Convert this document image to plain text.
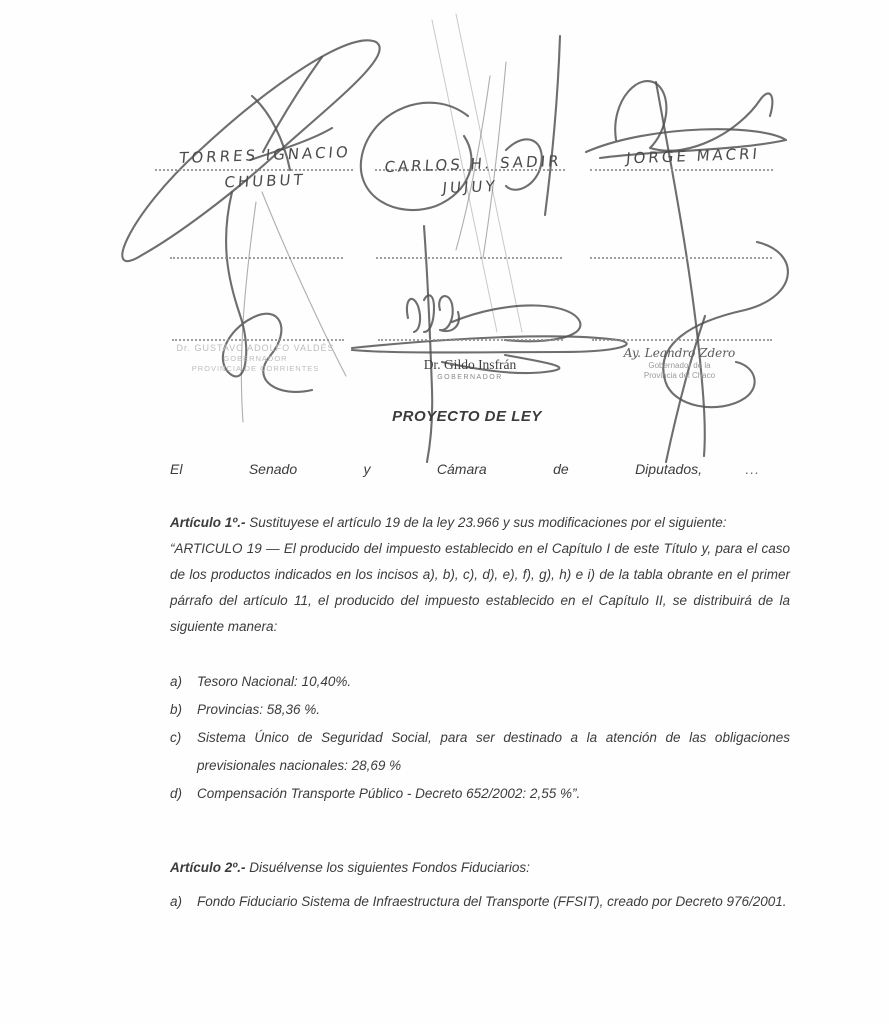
TORRES IGNACIO
CHUBUT
CARLOS H. SADIR
JUJUY
JORGE MACRI
Dr. GUSTAVO ADOLFO VALDÉS
GOBERNADOR
PROVINCIA DE CORRIENTES	Dr. Gildo Insfrán
GOBERNADOR
Ay. Leandro Zdero
Gobernador de la
Provincia del Chaco
PROYECTO DE LEY
El	Senado	y	Cámara	de	Diputados,	...

Artículo 1º.- Sustituyese el artículo 19 de la ley 23.966 y sus modificaciones por el siguiente:

“ARTICULO 19 — El producido del impuesto establecido en el Capítulo I de este Título y, para el caso de los productos indicados en los incisos a), b), c), d), e), f), g), h) e i) de la tabla obrante en el primer párrafo del artículo 11, el producido del impuesto establecido en el Capítulo II, se distribuirá de la siguiente manera:

a)	Tesoro Nacional: 10,40%.
b)	Provincias: 58,36 %.
c)	Sistema Único de Seguridad Social, para ser destinado a la atención de las obligaciones previsionales nacionales: 28,69 %
d)	Compensación Transporte Público - Decreto 652/2002: 2,55 %”.

Artículo 2º.- Disuélvense los siguientes Fondos Fiduciarios:

a)	Fondo Fiduciario Sistema de Infraestructura del Transporte (FFSIT), creado por Decreto 976/2001.
